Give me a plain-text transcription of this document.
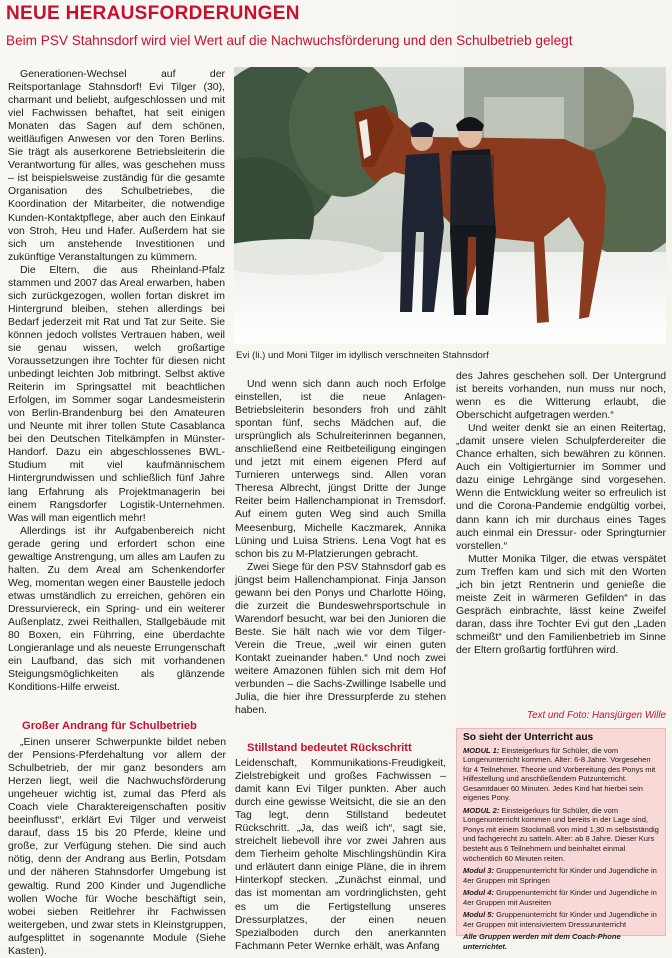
NEUE HERAUSFORDERUNGEN
Beim PSV Stahnsdorf wird viel Wert auf die Nachwuchsförderung und den Schulbetrieb gelegt

Generationen-Wechsel auf der Reitsportanlage Stahnsdorf! Evi Tilger (30), charmant und beliebt, aufgeschlossen und mit viel Fachwissen behaftet, hat seit einigen Monaten das Sagen auf dem schönen, weitläufigen Anwesen vor den Toren Berlins. Sie trägt als auserkorene Betriebsleiterin die Verantwortung für alles, was geschehen muss – ist beispielsweise zuständig für die gesamte Organisation des Schulbetriebes, die Koordination der Mitarbeiter, die notwendige Kunden-Kontaktpflege, aber auch den Einkauf von Stroh, Heu und Hafer. Außerdem hat sie sich um anstehende Investitionen und zukünftige Veranstaltungen zu kümmern.

Die Eltern, die aus Rheinland-Pfalz stammen und 2007 das Areal erwarben, haben sich zurückgezogen, wollen fortan diskret im Hintergrund bleiben, stehen allerdings bei Bedarf jederzeit mit Rat und Tat zur Seite. Sie können jedoch vollstes Vertrauen haben, weil sie genau wissen, welch großartige Voraussetzungen ihre Tochter für diesen nicht unbedingt leichten Job mitbringt. Selbst aktive Reiterin im Springsattel mit beachtlichen Erfolgen, im Sommer sogar Landesmeisterin von Berlin-Brandenburg bei den Amateuren und Neunte mit ihrer tollen Stute Casablanca bei den Deutschen Titelkämpfen in Münster-Handorf. Dazu ein abgeschlossenes BWL-Studium mit viel kaufmännischem Hintergrundwissen und schließlich fünf Jahre lang Erfahrung als Projektmanagerin bei einem Rangsdorfer Logistik-Unternehmen. Was will man eigentlich mehr!

Allerdings ist ihr Aufgabenbereich nicht gerade gering und erfordert schon eine gewaltige Anstrengung, um alles am Laufen zu halten. Zu dem Areal am Schenkendorfer Weg, momentan wegen einer Baustelle jedoch etwas umständlich zu erreichen, gehören ein Dressurviereck, ein Spring- und ein weiterer Außenplatz, zwei Reithallen, Stallgebäude mit 80 Boxen, ein Führring, eine überdachte Longieranlage und als neueste Errungenschaft ein Laufband, das sich mit vorhandenen Steigungsmöglichkeiten als glänzende Konditions-Hilfe erweist.

Großer Andrang für Schulbetrieb

„Einen unserer Schwerpunkte bildet neben der Pensions-Pferdehaltung vor allem der Schulbetrieb, der mir ganz besonders am Herzen liegt, weil die Nachwuchsförderung ungeheuer wichtig ist, zumal das Pferd als Coach viele Charaktereigenschaften positiv beeinflusst“, erklärt Evi Tilger und verweist darauf, dass 15 bis 20 Pferde, kleine und große, zur Verfügung stehen. Die sind auch nötig, denn der Andrang aus Berlin, Potsdam und der näheren Stahnsdorfer Umgebung ist gewaltig. Rund 200 Kinder und Jugendliche wollen Woche für Woche beschäftigt sein, wobei sieben Reitlehrer ihr Fachwissen weitergeben, und zwar stets in Kleinstgruppen, aufgesplittet in sogenannte Module (Siehe Kasten).

Evi (li.) und Moni Tilger im idyllisch verschneiten Stahnsdorf

Und wenn sich dann auch noch Erfolge einstellen, ist die neue Anlagen-Betriebsleiterin besonders froh und zählt spontan fünf, sechs Mädchen auf, die ursprünglich als Schulreiterinnen begannen, anschließend eine Reitbeteiligung eingingen und jetzt mit einem eigenen Pferd auf Turnieren unterwegs sind. Allen voran Theresa Albrecht, jüngst Dritte der Junge Reiter beim Hallenchampionat in Tremsdorf. Auf einem guten Weg sind auch Smilla Meesenburg, Michelle Kaczmarek, Annika Lüning und Luisa Striens. Lena Vogt hat es schon bis zu M-Platzierungen gebracht.

Zwei Siege für den PSV Stahnsdorf gab es jüngst beim Hallenchampionat. Finja Janson gewann bei den Ponys und Charlotte Höing, die zurzeit die Bundeswehrsportschule in Warendorf besucht, war bei den Junioren die Beste. Sie hält nach wie vor dem Tilger-Verein die Treue, „weil wir einen guten Kontakt zueinander haben.“ Und noch zwei weitere Amazonen fühlen sich mit dem Hof verbunden – die Sachs-Zwillinge Isabelle und Julia, die hier ihre Dressurpferde zu stehen haben.

Stillstand bedeutet Rückschritt

Leidenschaft, Kommunikations-Freudigkeit, Zielstrebigkeit und großes Fachwissen – damit kann Evi Tilger punkten. Aber auch durch eine gewisse Weitsicht, die sie an den Tag legt, denn Stillstand bedeutet Rückschritt. „Ja, das weiß ich“, sagt sie, streichelt liebevoll ihre vor zwei Jahren aus dem Tierheim geholte Mischlingshündin Kira und erläutert dann einige Pläne, die in ihrem Hinterkopf stecken. „Zunächst einmal, und das ist momentan am vordringlichsten, geht es um die Fertigstellung unseres Dressurplatzes, der einen neuen Spezialboden durch den anerkannten Fachmann Peter Wernke erhält, was Anfang

des Jahres geschehen soll. Der Untergrund ist bereits vorhanden, nun muss nur noch, wenn es die Witterung erlaubt, die Oberschicht aufgetragen werden.“

Und weiter denkt sie an einen Reitertag, „damit unsere vielen Schulpferdereiter die Chance erhalten, sich bewähren zu können. Auch ein Voltigierturnier im Sommer und dazu einige Lehrgänge sind vorgesehen. Wenn die Entwicklung weiter so erfreulich ist und die Corona-Pandemie endgültig vorbei, dann kann ich mir durchaus eines Tages auch einmal ein Dressur- oder Springturnier vorstellen.“

Mutter Monika Tilger, die etwas verspätet zum Treffen kam und sich mit den Worten „ich bin jetzt Rentnerin und genieße die meiste Zeit in wärmeren Gefilden“ in das Gespräch einbrachte, lässt keine Zweifel daran, dass ihre Tochter Evi gut den „Laden schmeißt“ und den Familienbetrieb im Sinne der Eltern großartig fortführen wird.

Text und Foto: Hansjürgen Wille
So sieht der Unterricht aus
MODUL 1: Einsteigerkurs für Schüler, die vom Longenunterricht kommen. Alter: 6-8 Jahre. Vorgesehen für 4 Teilnehmer. Theorie und Vorbereitung des Ponys mit Hilfestellung und anschließendem Putzunterricht. Gesamtdauer 60 Minuten. Jedes Kind hat hierbei sein eigenes Pony.
MODUL 2: Einsteigerkurs für Schüler, die vom Longenunterricht kommen und bereits in der Lage sind, Ponys mit einem Stockmaß von mind 1,30 m selbstständig und fachgerecht zu satteln. Alter: ab 8 Jahre. Dieser Kurs besteht aus 6 Teilnehmern und beinhaltet einmal wöchentlich 60 Minuten reiten.
Modul 3: Gruppenunterricht für Kinder und Jugendliche in 4er Gruppen mit Springen
Modul 4: Gruppenunterricht für Kinder und Jugendliche in 4er Gruppen mit Ausreiten
Modul 5: Gruppenunterricht für Kinder und Jugendliche in 4er Gruppen mit intensiviertem Dressurunterricht
Alle Gruppen werden mit dem Coach-Phone unterrichtet.
